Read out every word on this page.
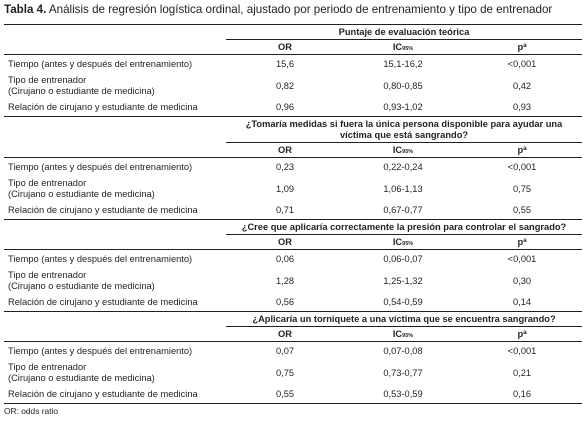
Tabla 4. Análisis de regresión logística ordinal, ajustado por periodo de entrenamiento y tipo de entrenador
	Puntaje de evaluación teórica		
	OR	IC95%	$p^a$
Tiempo (antes y después del entrenamiento)	15,6	15,1-16,2	<0,001
Tipo de entrenador
(Cirujano o estudiante de medicina)	0,82	0,80-0,85	0,42
Relación de cirujano y estudiante de medicina	0,96	0,93-1,02	0,93
	¿Tomaría medidas si fuera la única persona disponible para ayudar una
víctima que está sangrando?		
	OR	IC95%	$p^a$
Tiempo (antes y después del entrenamiento)	0,23	0,22-0,24	<0,001
Tipo de entrenador
(Cirujano o estudiante de medicina)	1,09	1,06-1,13	0,75
Relación de cirujano y estudiante de medicina	0,71	0,67-0,77	0,55
	¿Cree que aplicaría correctamente la presión para controlar el sangrado?		
	OR	IC95%	$p^a$
Tiempo (antes y después del entrenamiento)	0,06	0,06-0,07	<0,001
Tipo de entrenador
(Cirujano o estudiante de medicina)	1,28	1,25-1,32	0,30
Relación de cirujano y estudiante de medicina	0,56	0,54-0,59	0,14
	¿Aplicaría un torniquete a una víctima que se encuentra sangrando?		
	OR	IC95%	$p^a$
Tiempo (antes y después del entrenamiento)	0,07	0,07-0,08	<0,001
Tipo de entrenador
(Cirujano o estudiante de medicina)	0,75	0,73-0,77	0,21
Relación de cirujano y estudiante de medicina	0,55	0,53-0,59	0,16
OR: odds ratio
